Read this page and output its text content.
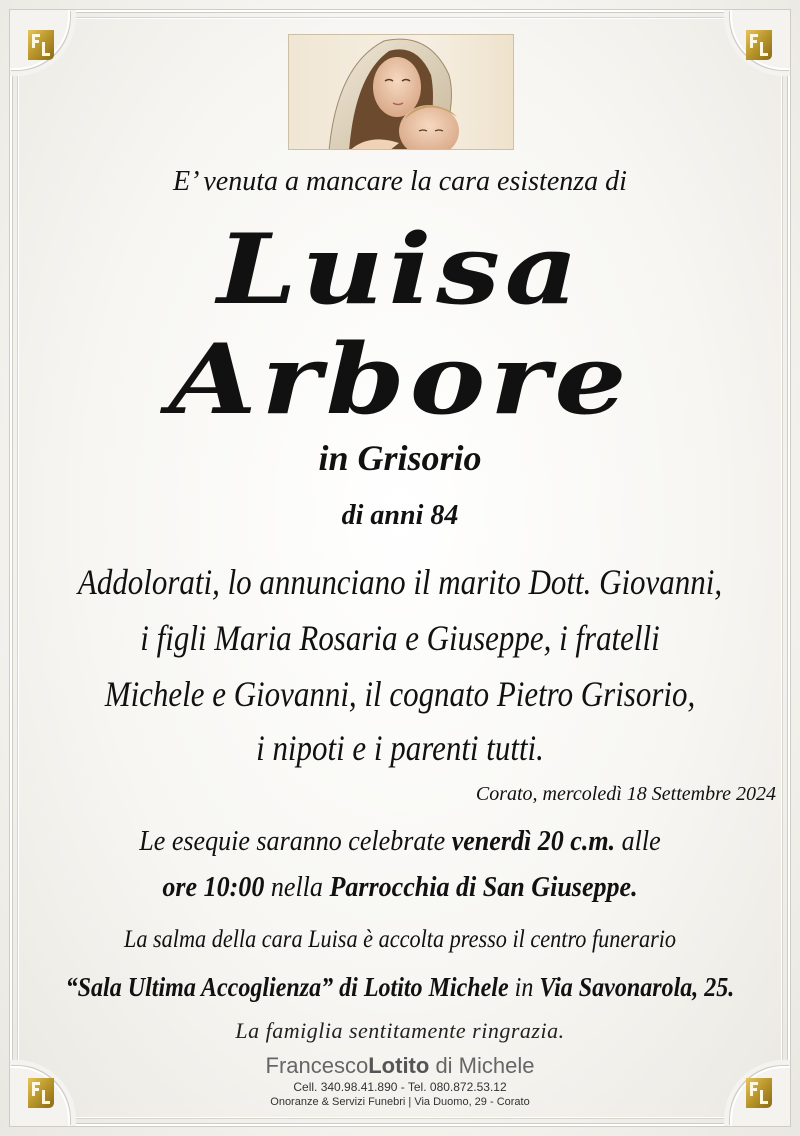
E’ venuta a mancare la cara esistenza di
Luisa
Arbore
in Grisorio
di anni 84
Addolorati, lo annunciano il marito Dott. Giovanni,
i figli Maria Rosaria e Giuseppe, i fratelli
Michele e Giovanni, il cognato Pietro Grisorio,
i nipoti e i parenti tutti.
Corato, mercoledì 18 Settembre 2024
Le esequie saranno celebrate venerdì 20 c.m. alle
ore 10:00 nella Parrocchia di San Giuseppe.
La salma della cara Luisa è accolta presso il centro funerario
“Sala Ultima Accoglienza” di Lotito Michele in Via Savonarola, 25.
La famiglia sentitamente ringrazia.
FrancescoLotito di Michele
Cell. 340.98.41.890 - Tel. 080.872.53.12
Onoranze & Servizi Funebri | Via Duomo, 29 - Corato
